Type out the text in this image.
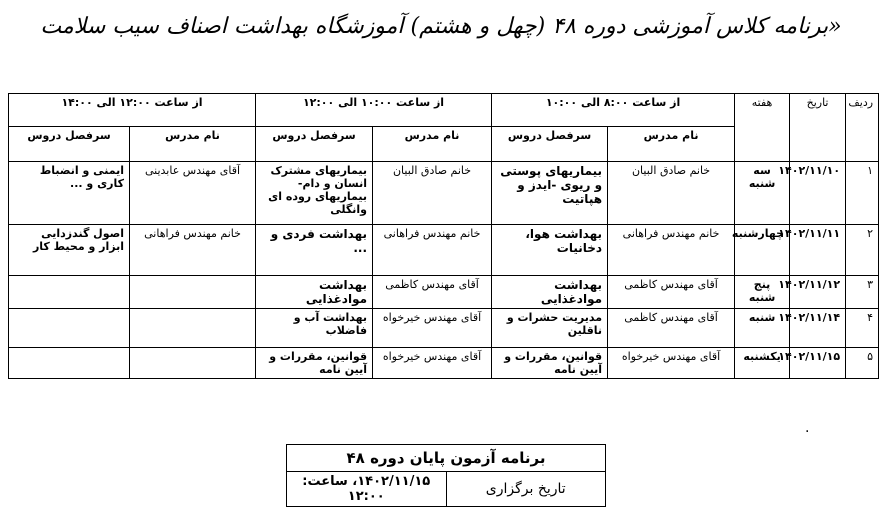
«برنامه کلاس آموزشی دوره ۴۸ (چهل و هشتم) آموزشگاه بهداشت اصناف سیب سلامت
ردیف	تاریخ	هفته	از ساعت ۸:۰۰ الی ۱۰:۰۰		از ساعت ۱۰:۰۰ الی ۱۲:۰۰		از ساعت ۱۲:۰۰ الی ۱۴:۰۰	
			نام مدرس	سرفصل دروس	نام مدرس	سرفصل دروس	نام مدرس	سرفصل دروس
۱	۱۴۰۲/۱۱/۱۰	سه شنبه	خانم صادق البیان	بیماریهای پوستی و ریوی -ایدز و هپاتیت	خانم صادق البیان	بیماریهای مشترک انسان و دام- بیماریهای روده ای وانگلی	آقای مهندس عابدینی	ایمنی و انضباط کاری و ...
۲	۱۴۰۲/۱۱/۱۱	چهارشنبه	خانم مهندس فراهانی	بهداشت هوا، دخانیات	خانم مهندس فراهانی	بهداشت فردی و ...	خانم مهندس فراهانی	اصول گندزدایی ابزار و محیط کار
۳	۱۴۰۲/۱۱/۱۲	پنج شنبه	آقای مهندس کاظمی	بهداشت موادغذایی	آقای مهندس کاظمی	بهداشت موادغذایی		
۴	۱۴۰۲/۱۱/۱۴	شنبه	آقای مهندس کاظمی	مدیریت حشرات و ناقلین	آقای مهندس خیرخواه	بهداشت آب و فاضلاب		
۵	۱۴۰۲/۱۱/۱۵	یکشنبه	آقای مهندس خیرخواه	قوانین، مقررات و آیین نامه	آقای مهندس خیرخواه	قوانین، مقررات و آیین نامه		
.
برنامه آزمون پایان دوره ۴۸
تاریخ برگزاری	۱۴۰۲/۱۱/۱۵، ساعت: ۱۲:۰۰
